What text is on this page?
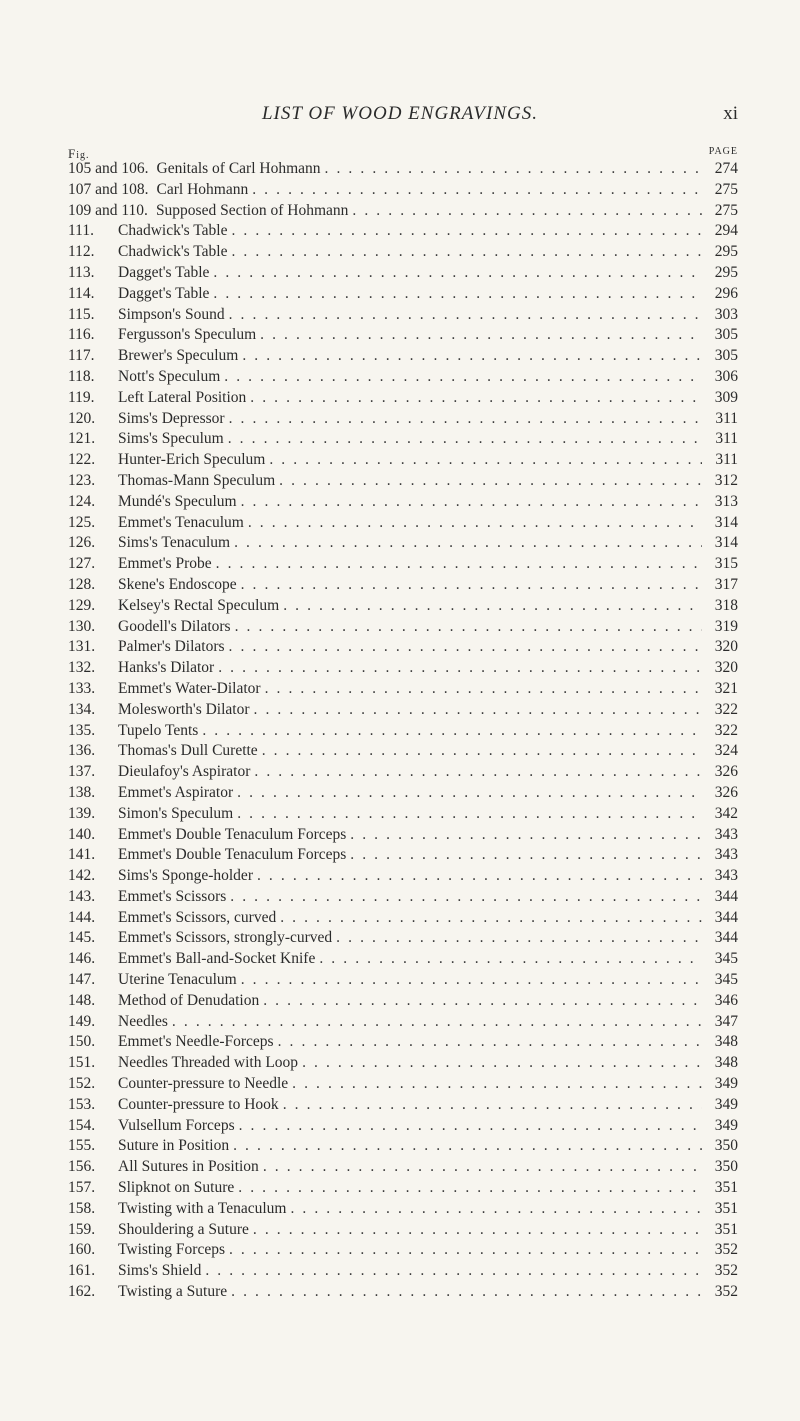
LIST OF WOOD ENGRAVINGS.	xi
Fig.	PAGE
105 and 106. Genitals of Carl Hohmann . . .	274
107 and 108. Carl Hohmann . . .	275
109 and 110. Supposed Section of Hohmann . . .	275
111.	Chadwick's Table . . .	294
112.	Chadwick's Table . . .	295
113.	Dagget's Table . . .	295
114.	Dagget's Table . . .	296
115.	Simpson's Sound . . .	303
116.	Fergusson's Speculum . . .	305
117.	Brewer's Speculum . . .	305
118.	Nott's Speculum . . .	306
119.	Left Lateral Position . . .	309
120.	Sims's Depressor . . .	311
121.	Sims's Speculum . . .	311
122.	Hunter-Erich Speculum . . .	311
123.	Thomas-Mann Speculum . . .	312
124.	Mundé's Speculum . . .	313
125.	Emmet's Tenaculum . . .	314
126.	Sims's Tenaculum . . .	314
127.	Emmet's Probe . . .	315
128.	Skene's Endoscope . . .	317
129.	Kelsey's Rectal Speculum . . .	318
130.	Goodell's Dilators . . .	319
131.	Palmer's Dilators . . .	320
132.	Hanks's Dilator . . .	320
133.	Emmet's Water-Dilator . . .	321
134.	Molesworth's Dilator . . .	322
135.	Tupelo Tents . . .	322
136.	Thomas's Dull Curette . . .	324
137.	Dieulafoy's Aspirator . . .	326
138.	Emmet's Aspirator . . .	326
139.	Simon's Speculum . . .	342
140.	Emmet's Double Tenaculum Forceps . . .	343
141.	Emmet's Double Tenaculum Forceps . . .	343
142.	Sims's Sponge-holder . . .	343
143.	Emmet's Scissors . . .	344
144.	Emmet's Scissors, curved . . .	344
145.	Emmet's Scissors, strongly-curved . . .	344
146.	Emmet's Ball-and-Socket Knife . . .	345
147.	Uterine Tenaculum . . .	345
148.	Method of Denudation . . .	346
149.	Needles . . .	347
150.	Emmet's Needle-Forceps . . .	348
151.	Needles Threaded with Loop . . .	348
152.	Counter-pressure to Needle . . .	349
153.	Counter-pressure to Hook . . .	349
154.	Vulsellum Forceps . . .	349
155.	Suture in Position . . .	350
156.	All Sutures in Position . . .	350
157.	Slipknot on Suture . . .	351
158.	Twisting with a Tenaculum . . .	351
159.	Shouldering a Suture . . .	351
160.	Twisting Forceps . . .	352
161.	Sims's Shield . . .	352
162.	Twisting a Suture . . .	352
